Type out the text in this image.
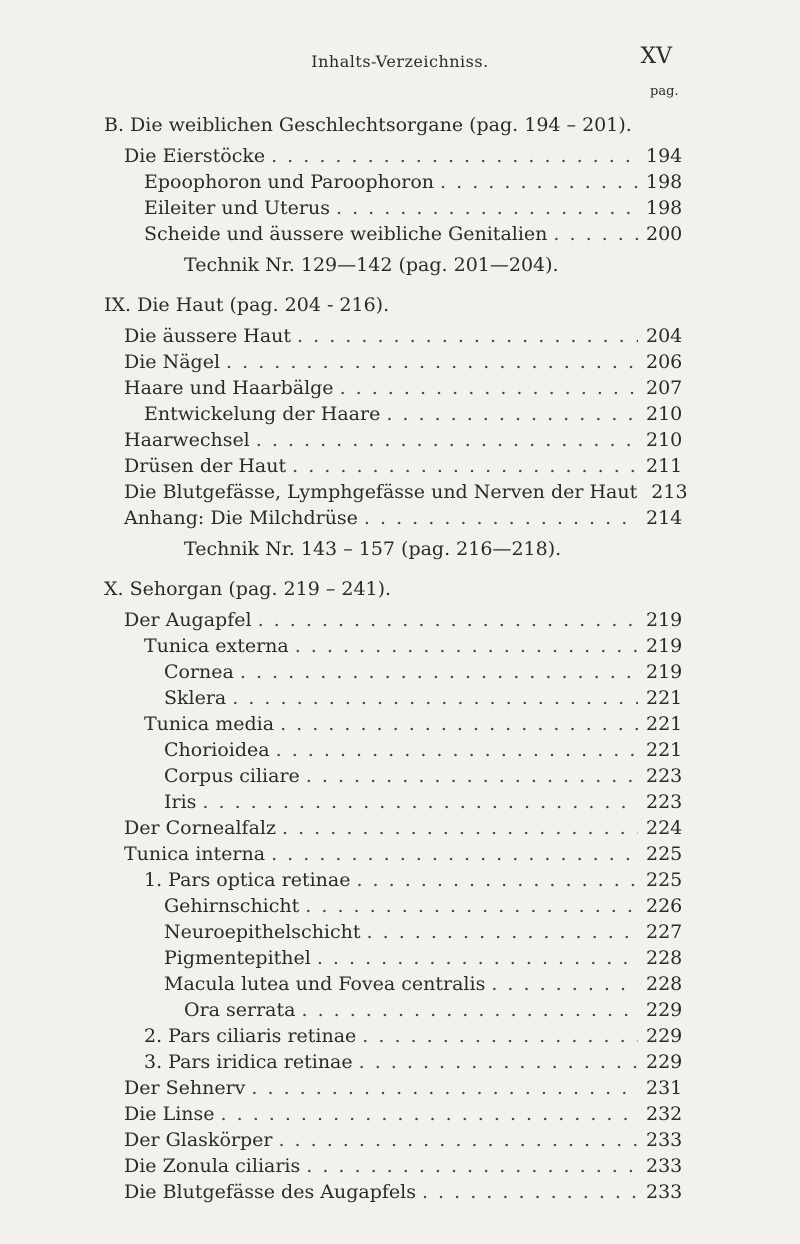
Inhalts-Verzeichniss.	XV
pag.
B. Die weiblichen Geschlechtsorgane (pag. 194 – 201).
Die Eierstöcke . . .	194
Epoophoron und Paroophoron . . .	198
Eileiter und Uterus . . .	198
Scheide und äussere weibliche Genitalien . . .	200
Technik Nr. 129—142 (pag. 201—204).
IX. Die Haut (pag. 204 - 216).
Die äussere Haut . . .	204
Die Nägel . . .	206
Haare und Haarbälge . . .	207
Entwickelung der Haare . . .	210
Haarwechsel . . .	210
Drüsen der Haut . . .	211
Die Blutgefässe, Lymphgefässe und Nerven der Haut 213
Anhang: Die Milchdrüse . . .	214
Technik Nr. 143 – 157 (pag. 216—218).
X. Sehorgan (pag. 219 – 241).
Der Augapfel . . .	219
Tunica externa . . .	219
Cornea . . .	219
Sklera . . .	221
Tunica media . . .	221
Chorioidea . . .	221
Corpus ciliare . . .	223
Iris . . .	223
Der Cornealfalz . . .	224
Tunica interna . . .	225
1. Pars optica retinae . . .	225
Gehirnschicht . . .	226
Neuroepithelschicht . . .	227
Pigmentepithel . . .	228
Macula lutea und Fovea centralis . . .	228
Ora serrata . . .	229
2. Pars ciliaris retinae . . .	229
3. Pars iridica retinae . . .	229
Der Sehnerv . . .	231
Die Linse . . .	232
Der Glaskörper . . .	233
Die Zonula ciliaris . . .	233
Die Blutgefässe des Augapfels . . .	233
